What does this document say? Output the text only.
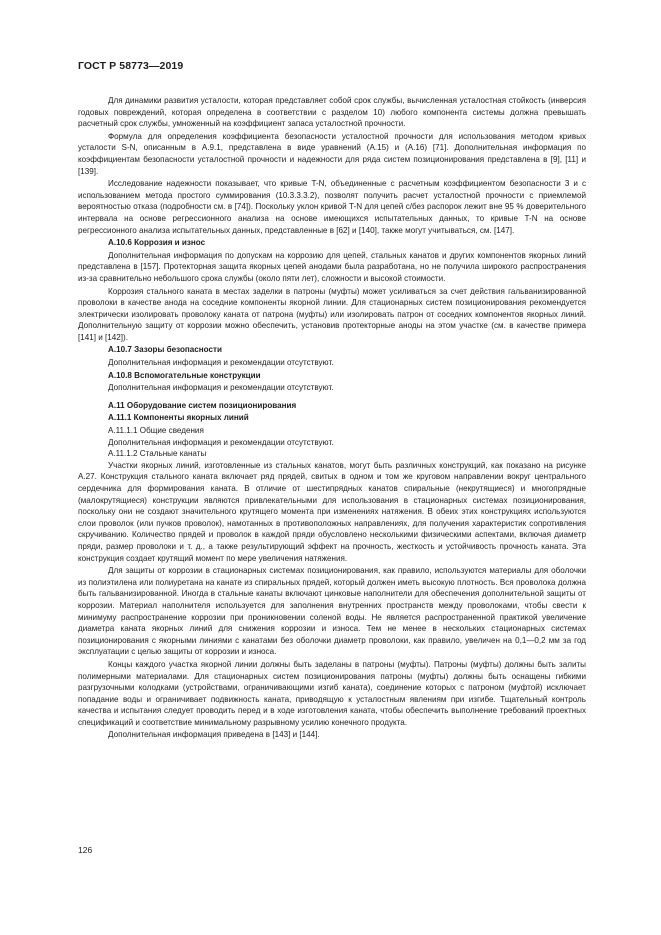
ГОСТ Р 58773—2019

Для динамики развития усталости, которая представляет собой срок службы, вычисленная усталостная стойкость (инверсия годовых повреждений, которая определена в соответствии с разделом 10) любого компонента системы должна превышать расчетный срок службы, умноженный на коэффициент запаса усталостной прочности.

Формула для определения коэффициента безопасности усталостной прочности для использования методом кривых усталости S-N, описанным в А.9.1, представлена в виде уравнений (А.15) и (А.16) [71]. Дополнительная информация по коэффициентам безопасности усталостной прочности и надежности для ряда систем позиционирования представлена в [9], [11] и [139].

Исследование надежности показывает, что кривые T-N, объединенные с расчетным коэффициентом безопасности 3 и с использованием метода простого суммирования (10.3.3.3.2), позволят получить расчет усталостной прочности с приемлемой вероятностью отказа (подробности см. в [74]). Поскольку уклон кривой T-N для цепей с/без распорок лежит вне 95 % доверительного интервала на основе регрессионного анализа на основе имеющихся испытательных данных, то кривые T-N на основе регрессионного анализа испытательных данных, представленные в [62] и [140], также могут учитываться, см. [147].

А.10.6 Коррозия и износ

Дополнительная информация по допускам на коррозию для цепей, стальных канатов и других компонентов якорных линий представлена в [157]. Протекторная защита якорных цепей анодами была разработана, но не получила широкого распространения из-за сравнительно небольшого срока службы (около пяти лет), сложности и высокой стоимости.

Коррозия стального каната в местах заделки в патроны (муфты) может усиливаться за счет действия гальванизированной проволоки в качестве анода на соседние компоненты якорной линии. Для стационарных систем позиционирования рекомендуется электрически изолировать проволоку каната от патрона (муфты) или изолировать патрон от соседних компонентов якорных линий. Дополнительную защиту от коррозии можно обеспечить, установив протекторные аноды на этом участке (см. в качестве примера [141] и [142]).

А.10.7 Зазоры безопасности
Дополнительная информация и рекомендации отсутствуют.
А.10.8 Вспомогательные конструкции
Дополнительная информация и рекомендации отсутствуют.
А.11 Оборудование систем позиционирования
А.11.1 Компоненты якорных линий
А.11.1.1 Общие сведения
Дополнительная информация и рекомендации отсутствуют.
А.11.1.2 Стальные канаты

Участки якорных линий, изготовленные из стальных канатов, могут быть различных конструкций, как показано на рисунке А.27. Конструкция стального каната включает ряд прядей, свитых в одном и том же круговом направлении вокруг центрального сердечника для формирования каната. В отличие от шестипрядных канатов спиральные (некрутящиеся) и многопрядные (малокрутящиеся) конструкции являются привлекательными для использования в стационарных системах позиционирования, поскольку они не создают значительного крутящего момента при изменениях натяжения. В обеих этих конструкциях используются слои проволок (или пучков проволок), намотанных в противоположных направлениях, для получения характеристик сопротивления скручиванию. Количество прядей и проволок в каждой пряди обусловлено несколькими физическими аспектами, включая диаметр пряди, размер проволоки и т. д., а также результирующий эффект на прочность, жесткость и устойчивость прочность каната. Эта конструкция создает крутящий момент по мере увеличения натяжения.

Для защиты от коррозии в стационарных системах позиционирования, как правило, используются материалы для оболочки из полиэтилена или полиуретана на канате из спиральных прядей, который должен иметь высокую плотность. Вся проволока должна быть гальванизированной. Иногда в стальные канаты включают цинковые наполнители для обеспечения дополнительной защиты от коррозии. Материал наполнителя используется для заполнения внутренних пространств между проволоками, чтобы свести к минимуму распространение коррозии при проникновении соленой воды. Не является распространенной практикой увеличение диаметра каната якорных линий для снижения коррозии и износа. Тем не менее в нескольких стационарных системах позиционирования с якорными линиями с канатами без оболочки диаметр проволоки, как правило, увеличен на 0,1—0,2 мм за год эксплуатации с целью защиты от коррозии и износа.

Концы каждого участка якорной линии должны быть заделаны в патроны (муфты). Патроны (муфты) должны быть залиты полимерными материалами. Для стационарных систем позиционирования патроны (муфты) должны быть оснащены гибкими разгрузочными колодками (устройствами, ограничивающими изгиб каната), соединение которых с патроном (муфтой) исключает попадание воды и ограничивает подвижность каната, приводящую к усталостным явлениям при изгибе. Тщательный контроль качества и испытания следует проводить перед и в ходе изготовления каната, чтобы обеспечить выполнение требований проектных спецификаций и соответствие минимальному разрывному усилию конечного продукта.

Дополнительная информация приведена в [143] и [144].

126
